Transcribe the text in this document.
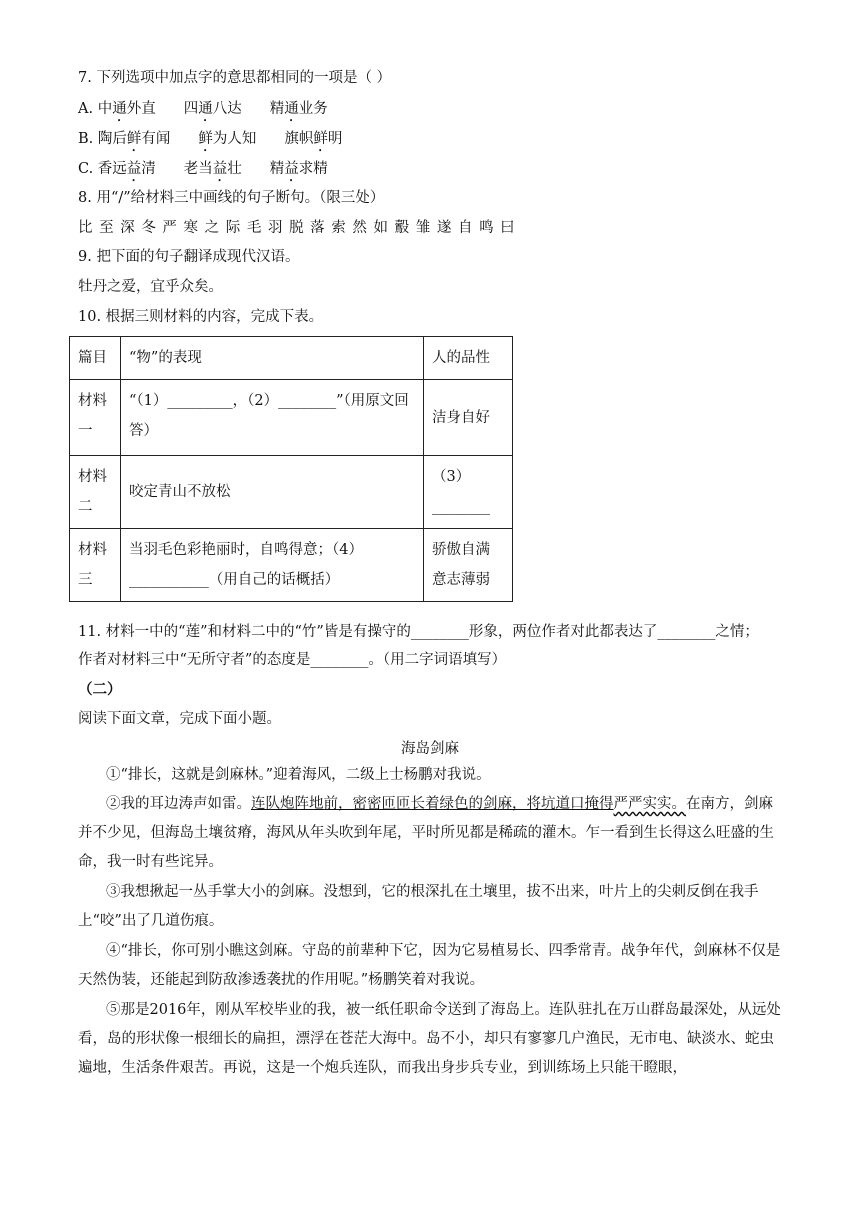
7. 下列选项中加点字的意思都相同的一项是（ ）
A. 中通外直 四通八达 精通业务
B. 陶后鲜有闻 鲜为人知 旗帜鲜明
C. 香远益清 老当益壮 精益求精
8. 用“/”给材料三中画线的句子断句。（限三处）
比 至 深 冬 严 寒 之 际 毛 羽 脱 落 索 然 如 鷇 雏 遂 自 鸣 曰
9. 把下面的句子翻译成现代汉语。
牡丹之爱，宜乎众矣。
10. 根据三则材料的内容，完成下表。
篇目	“物”的表现	人的品性
材料一	“（1）_________，（2）________”（用原文回答）	洁身自好
材料二	咬定青山不放松	（3）________
材料三	当羽毛色彩艳丽时，自鸣得意；（4）___________（用自己的话概括）	骄傲自满意志薄弱
11. 材料一中的“莲”和材料二中的“竹”皆是有操守的________形象，两位作者对此都表达了________之情；
作者对材料三中“无所守者”的态度是________。（用二字词语填写）
（二）
阅读下面文章，完成下面小题。
海岛剑麻
①“排长，这就是剑麻林。”迎着海风，二级上士杨鹏对我说。
②我的耳边涛声如雷。连队炮阵地前，密密匝匝长着绿色的剑麻，将坑道口掩得严严实实。在南方，剑麻并不少见，但海岛土壤贫瘠，海风从年头吹到年尾，平时所见都是稀疏的灌木。乍一看到生长得这么旺盛的生命，我一时有些诧异。
③我想揪起一丛手掌大小的剑麻。没想到，它的根深扎在土壤里，拔不出来，叶片上的尖刺反倒在我手上“咬”出了几道伤痕。
④“排长，你可别小瞧这剑麻。守岛的前辈种下它，因为它易植易长、四季常青。战争年代，剑麻林不仅是天然伪装，还能起到防敌渗透袭扰的作用呢。”杨鹏笑着对我说。
⑤那是2016年，刚从军校毕业的我，被一纸任职命令送到了海岛上。连队驻扎在万山群岛最深处，从远处看，岛的形状像一根细长的扁担，漂浮在苍茫大海中。岛不小，却只有寥寥几户渔民，无市电、缺淡水、蛇虫遍地，生活条件艰苦。再说，这是一个炮兵连队，而我出身步兵专业，到训练场上只能干瞪眼，
